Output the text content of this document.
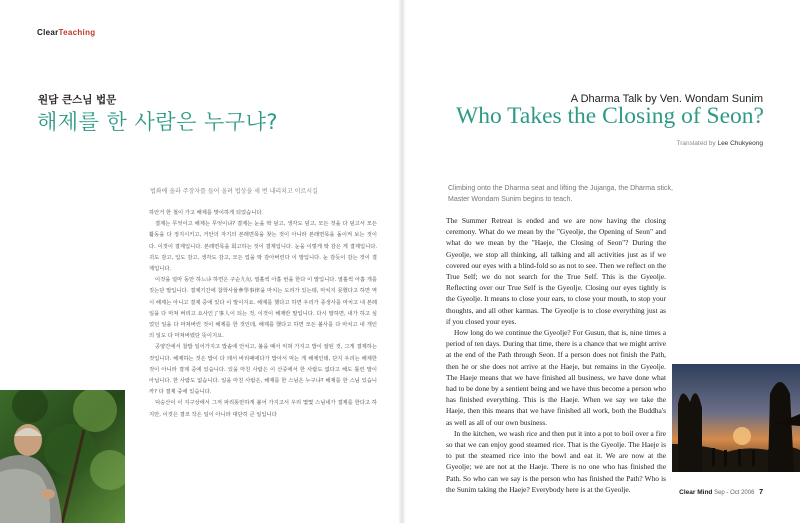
ClearTeaching
원담 큰스님 법문
해제를 한 사람은 누구냐?
A Dharma Talk by Ven. Wondam Sunim
Who Takes the Closing of Seon?
Translated by Lee Chukyeong
법좌에 올라 주장자를 들어 올려 법상을 세 번 내리치고 이르시길	Climbing onto the Dharma seat and lifting the Jujanga, the Dharma stick, Master Wondam Sunim begins to teach.

하안거 한 철이 가고 해제를 맞이하게 되었습니다.

결제는 무엇이고 해제는 무엇이냐? 결제는 눈을 딱 덮고, 생각도 덮고, 모든 것을 다 덮고서 모든 활동을 다 정지시키고, 거안의 자기의 본래면목을 찾는 것이 아니라 본래면목을 돌이켜 보는 것이다. 이것이 결제입니다. 본래면목을 회고하는 것이 결제입니다. 눈을 이렇게 딱 감은 게 결제입니다. 귀도 감고, 입도 감고, 생각도 감고, 모든 업을 딱 감아버린다 이 말입니다. 눈 감듯이 감는 것이 결제입니다.

이것을 얼마 동안 하느냐 하면은 구순九旬, 열흘씩 아홉 번을 한다 이 말입니다. 열흘씩 아홉 개를 짓는단 말입니다. 결제기간에 참학사율參學事律을 마치는 도리가 있는데, 마치지 못했다고 하면 역시 해제는 아니고 결제 중에 있다 이 말이지요. 해제를 했다고 하면 우리가 종생사를 마치고 내 본래 일을 다 마쳐 버리고 요사인了事人이 되는 것, 이것이 해제란 말입니다. 다시 말하면, 내가 하고 싶었던 일을 다 마쳐버린 것이 해제를 한 것인데, 해제를 했다고 하면 모든 볼사를 다 마치고 내 개인의 일도 다 마쳐버렸단 뜻이지요.

공양간에서 찰밥 일어가지고 밥솥에 안치고, 불을 때서 익혀 가지고 밥이 잘된 것, 그게 결제하는 것입니다. 해제하는 것은 밥이 다 돼서 바리때에다가 밥아서 먹는 게 해제인데, 단지 우리는 해제한 것이 아니라 결제 중에 있습니다. 있을 마친 사람은 이 산중에서 한 사람도 없다고 해도 틀린 말이 아닙니다. 한 사람도 없습니다. 일을 마친 사람은, 해제를 한 스님은 누구냐? 해제를 한 스님 있습니까? 다 결제 중에 있습니다.

덕숭산이 이 지구상에서 그저 파리똥만하게 붙어 가지고서 우리 몇몇 스님네가 결제를 한다고 하지만, 이것은 결코 작은 일이 아니라 대단히 큰 일입니다

The Summer Retreat is ended and we are now having the closing ceremony. What do we mean by the "Gyeolje, the Opening of Seon" and what do we mean by the "Haeje, the Closing of Seon"? During the Gyeolje, we stop all thinking, all talking and all activities just as if we covered our eyes with a blind-fold so as not to see. Then we reflect on the True Self; we do not search for the True Self. This is the Gyeolje. Reflecting over our True Self is the Gyeolje. Closing our eyes tightly is the Gyeolje. It means to close your ears, to close your mouth, to stop your thoughts, and all other karmas. The Gyeolje is to close everything just as if you closed your eyes.

How long do we continue the Gyeolje? For Gusun, that is, nine times a period of ten days. During that time, there is a chance that we might arrive at the end of the Path through Seon. If a person does not finish the Path, then he or she does not arrive at the Haeje, but remains in the Gyeolje. The Haeje means that we have finished all business, we have done what had to be done by a sentient being and we have thus become a person who has finished everything. This is the Haeje. When we say we take the Haeje, then this means that we have finished all work, both the Buddha's as well as all of our own business.

In the kitchen, we wash rice and then put it into a pot to boil over a fire so that we can enjoy good steamed rice. That is the Gyeolje. The Haeje is to put the steamed rice into the bowl and eat it. We are now at the Gyeolje; we are not at the Haeje. There is no one who has finished the Path. So who can we say is the person who has finished the Path? Who is the Sunim taking the Haeje? Everybody here is at the Gyeolje.	Clear Mind Sep - Oct 2006 7
